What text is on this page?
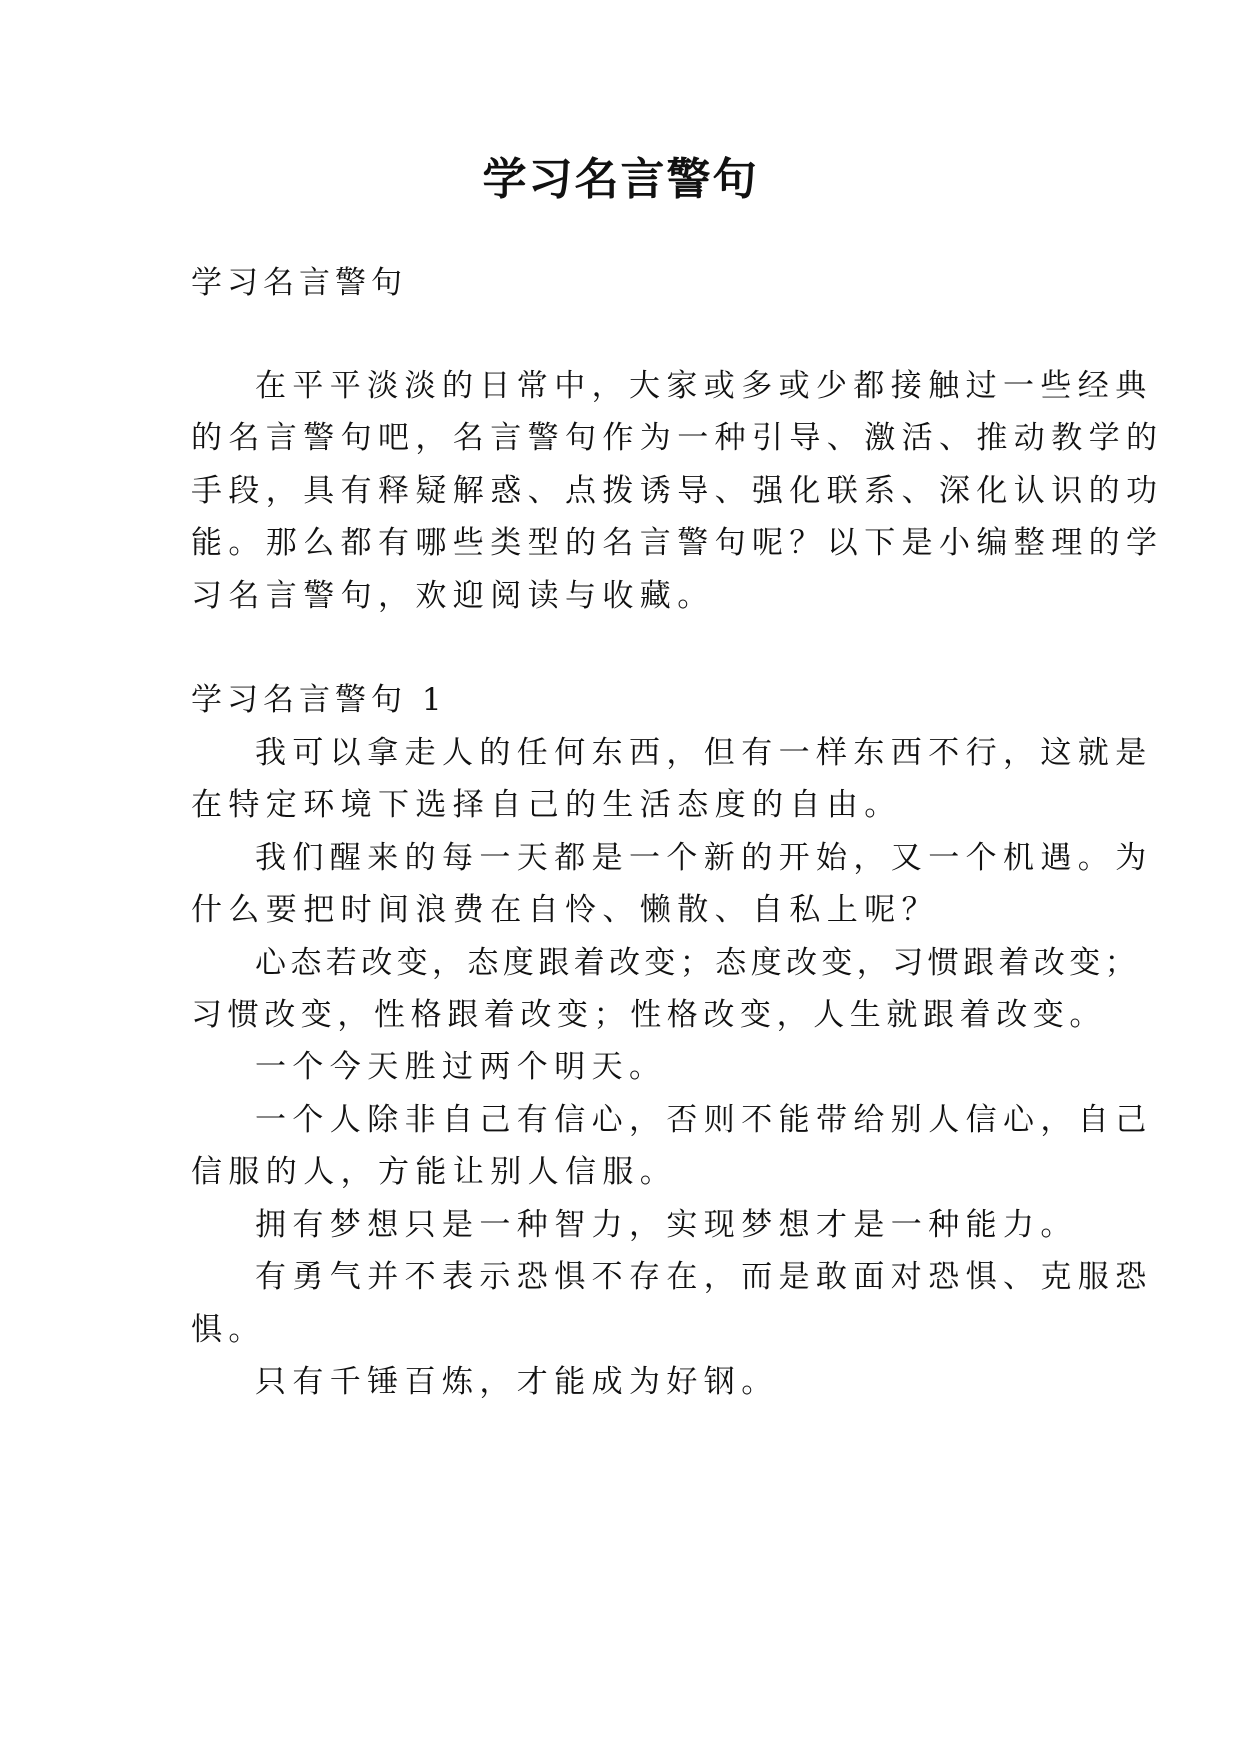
学习名言警句

学习名言警句

在平平淡淡的日常中，大家或多或少都接触过一些经典

的名言警句吧，名言警句作为一种引导、激活、推动教学的

手段，具有释疑解惑、点拨诱导、强化联系、深化认识的功

能。那么都有哪些类型的名言警句呢？以下是小编整理的学

习名言警句，欢迎阅读与收藏。

学习名言警句 1

我可以拿走人的任何东西，但有一样东西不行，这就是

在特定环境下选择自己的生活态度的自由。

我们醒来的每一天都是一个新的开始，又一个机遇。为

什么要把时间浪费在自怜、懒散、自私上呢？

心态若改变，态度跟着改变；态度改变，习惯跟着改变；

习惯改变，性格跟着改变；性格改变，人生就跟着改变。

一个今天胜过两个明天。

一个人除非自己有信心，否则不能带给别人信心，自己

信服的人，方能让别人信服。

拥有梦想只是一种智力，实现梦想才是一种能力。

有勇气并不表示恐惧不存在，而是敢面对恐惧、克服恐

惧。

只有千锤百炼，才能成为好钢。
